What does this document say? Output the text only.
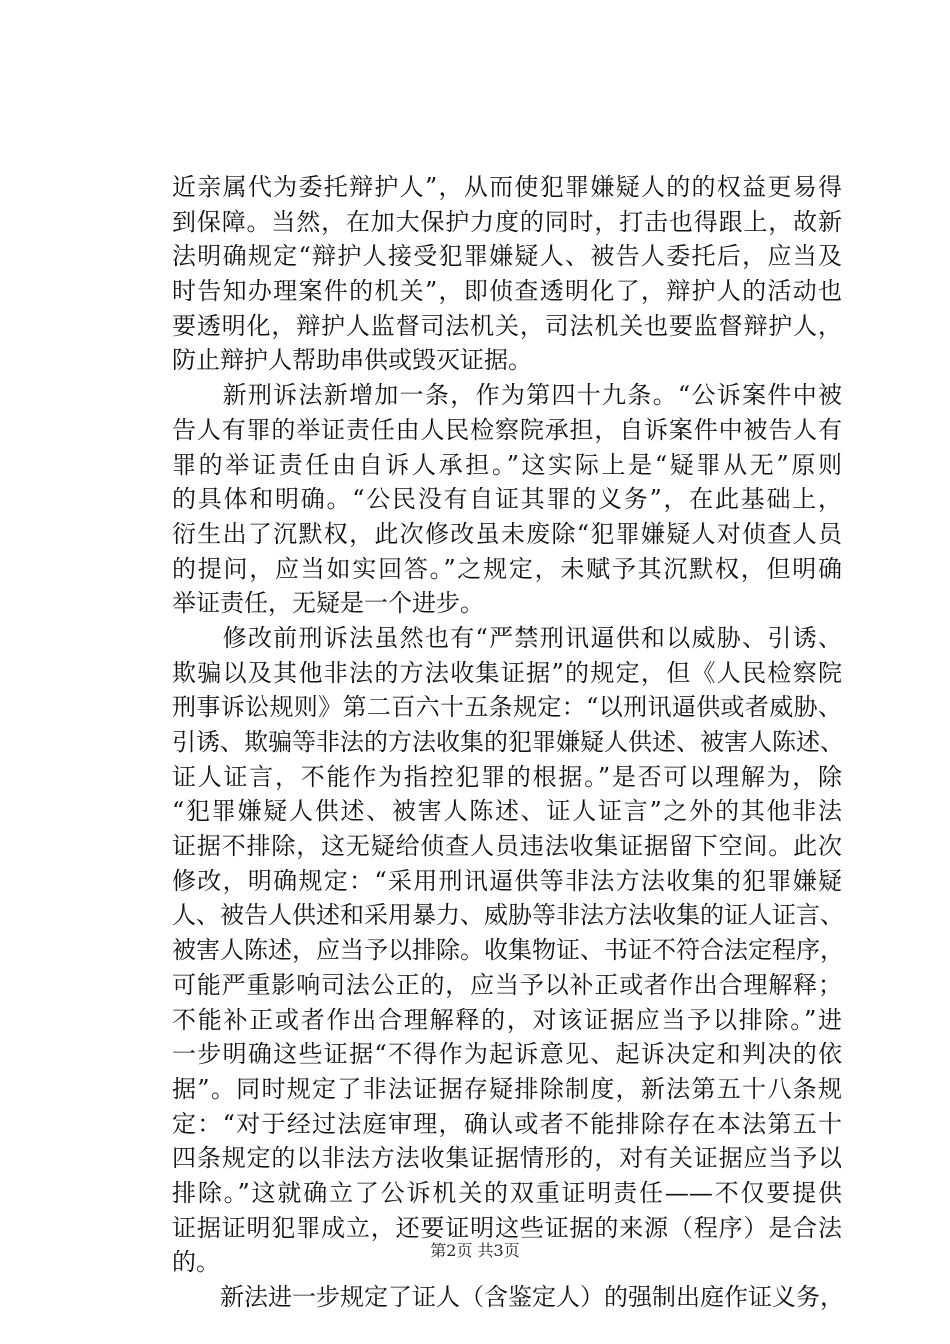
近亲属代为委托辩护人”，从而使犯罪嫌疑人的的权益更易得
到保障。当然，在加大保护力度的同时，打击也得跟上，故新
法明确规定“辩护人接受犯罪嫌疑人、被告人委托后，应当及
时告知办理案件的机关”，即侦查透明化了，辩护人的活动也
要透明化，辩护人监督司法机关，司法机关也要监督辩护人，
防止辩护人帮助串供或毁灭证据。
　　新刑诉法新增加一条，作为第四十九条。“公诉案件中被
告人有罪的举证责任由人民检察院承担，自诉案件中被告人有
罪的举证责任由自诉人承担。”这实际上是“疑罪从无”原则
的具体和明确。“公民没有自证其罪的义务”，在此基础上，
衍生出了沉默权，此次修改虽未废除“犯罪嫌疑人对侦查人员
的提问，应当如实回答。”之规定，未赋予其沉默权，但明确
举证责任，无疑是一个进步。
　　修改前刑诉法虽然也有“严禁刑讯逼供和以威胁、引诱、
欺骗以及其他非法的方法收集证据”的规定，但《人民检察院
刑事诉讼规则》第二百六十五条规定：“以刑讯逼供或者威胁、
引诱、欺骗等非法的方法收集的犯罪嫌疑人供述、被害人陈述、
证人证言，不能作为指控犯罪的根据。”是否可以理解为，除
“犯罪嫌疑人供述、被害人陈述、证人证言”之外的其他非法
证据不排除，这无疑给侦查人员违法收集证据留下空间。此次
修改，明确规定：“采用刑讯逼供等非法方法收集的犯罪嫌疑
人、被告人供述和采用暴力、威胁等非法方法收集的证人证言、
被害人陈述，应当予以排除。收集物证、书证不符合法定程序，
可能严重影响司法公正的，应当予以补正或者作出合理解释；
不能补正或者作出合理解释的，对该证据应当予以排除。”进
一步明确这些证据“不得作为起诉意见、起诉决定和判决的依
据”。同时规定了非法证据存疑排除制度，新法第五十八条规
定：“对于经过法庭审理，确认或者不能排除存在本法第五十
四条规定的以非法方法收集证据情形的，对有关证据应当予以
排除。”这就确立了公诉机关的双重证明责任——不仅要提供
证据证明犯罪成立，还要证明这些证据的来源（程序）是合法
的。
　　新法进一步规定了证人（含鉴定人）的强制出庭作证义务，
第2页 共3页
